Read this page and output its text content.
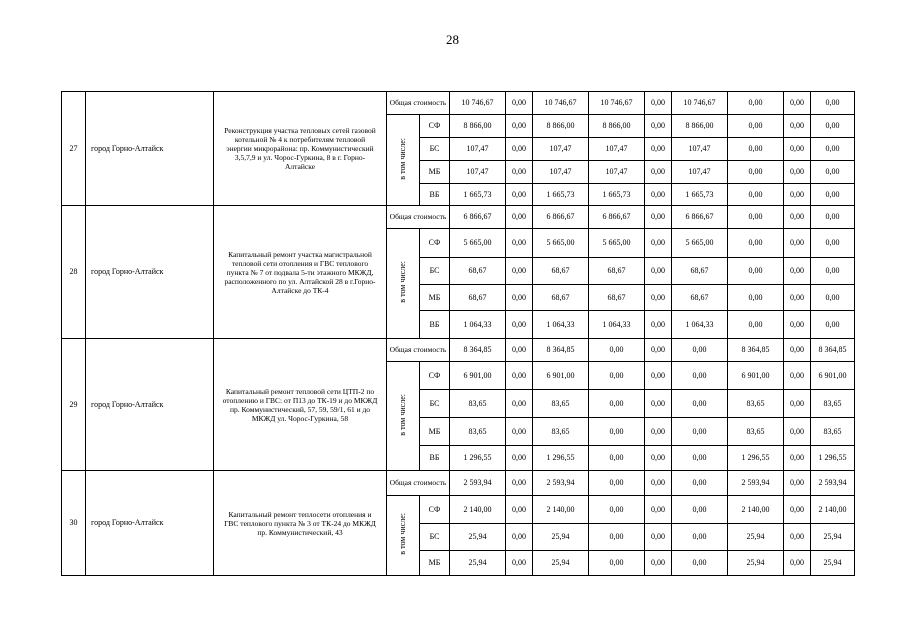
28
27	город Горно-Алтайск	Реконструкция участка тепловых сетей газовой котельной № 4 к потребителям тепловой энергии микрорайона: пр. Коммунистический 3,5,7,9 и ул. Чорос-Гуркина, 8 в г. Горно-Алтайске	Общая стоимость		10 746,67	0,00	10 746,67	10 746,67	0,00	10 746,67	0,00	0,00	0,00
			в том числе:	СФ	8 866,00	0,00	8 866,00	8 866,00	0,00	8 866,00	0,00	0,00	0,00
				БС	107,47	0,00	107,47	107,47	0,00	107,47	0,00	0,00	0,00
				МБ	107,47	0,00	107,47	107,47	0,00	107,47	0,00	0,00	0,00
				ВБ	1 665,73	0,00	1 665,73	1 665,73	0,00	1 665,73	0,00	0,00	0,00
28	город Горно-Алтайск	Капитальный ремонт участка магистральной тепловой сети отопления и ГВС теплового пункта № 7 от подвала 5-ти этажного МКЖД, расположенного по ул. Алтайской 28 в г.Горно-Алтайске до ТК-4	Общая стоимость		6 866,67	0,00	6 866,67	6 866,67	0,00	6 866,67	0,00	0,00	0,00
			в том числе:	СФ	5 665,00	0,00	5 665,00	5 665,00	0,00	5 665,00	0,00	0,00	0,00
				БС	68,67	0,00	68,67	68,67	0,00	68,67	0,00	0,00	0,00
				МБ	68,67	0,00	68,67	68,67	0,00	68,67	0,00	0,00	0,00
				ВБ	1 064,33	0,00	1 064,33	1 064,33	0,00	1 064,33	0,00	0,00	0,00
29	город Горно-Алтайск	Капитальный ремонт тепловой сети ЦТП-2 по отоплению и ГВС: от П13 до ТК-19 и до МКЖД пр. Коммунистический, 57, 59, 59/1, 61 и до МКЖД ул. Чорос-Гуркина, 58	Общая стоимость		8 364,85	0,00	8 364,85	0,00	0,00	0,00	8 364,85	0,00	8 364,85
			в том числе:	СФ	6 901,00	0,00	6 901,00	0,00	0,00	0,00	6 901,00	0,00	6 901,00
				БС	83,65	0,00	83,65	0,00	0,00	0,00	83,65	0,00	83,65
				МБ	83,65	0,00	83,65	0,00	0,00	0,00	83,65	0,00	83,65
				ВБ	1 296,55	0,00	1 296,55	0,00	0,00	0,00	1 296,55	0,00	1 296,55
30	город Горно-Алтайск	Капитальный ремонт теплосети отопления и ГВС теплового пункта № 3 от ТК-24 до МКЖД пр. Коммунистический, 43	Общая стоимость		2 593,94	0,00	2 593,94	0,00	0,00	0,00	2 593,94	0,00	2 593,94
			в том числе:	СФ	2 140,00	0,00	2 140,00	0,00	0,00	0,00	2 140,00	0,00	2 140,00
				БС	25,94	0,00	25,94	0,00	0,00	0,00	25,94	0,00	25,94
				МБ	25,94	0,00	25,94	0,00	0,00	0,00	25,94	0,00	25,94
